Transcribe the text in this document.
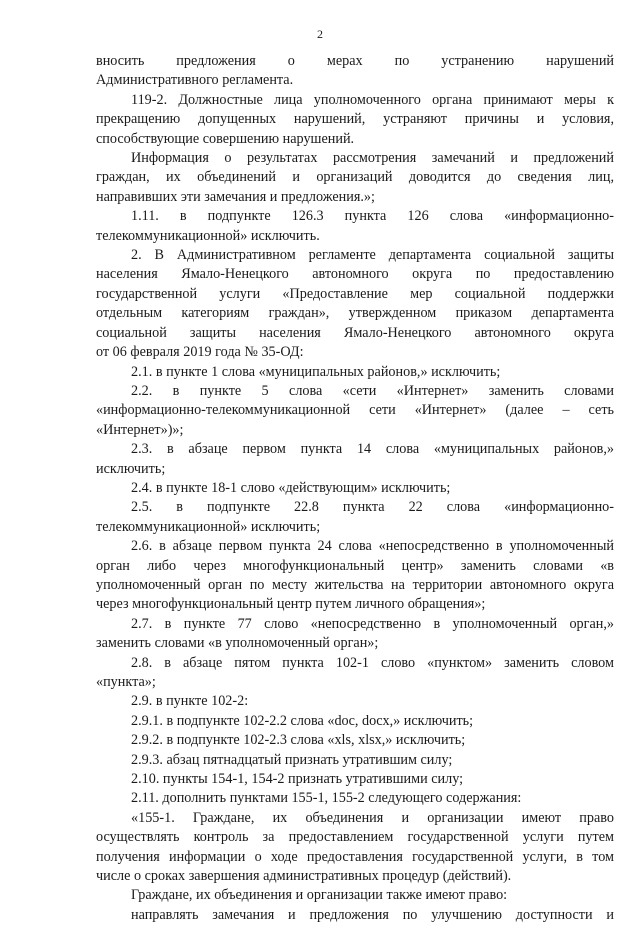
2
вносить предложения о мерах по устранению нарушений
Административного регламента.
119-2. Должностные лица уполномоченного органа принимают меры к
прекращению допущенных нарушений, устраняют причины и условия,
способствующие совершению нарушений.
Информация о результатах рассмотрения замечаний и предложений
граждан, их объединений и организаций доводится до сведения лиц,
направивших эти замечания и предложения.»;
1.11. в подпункте 126.3 пункта 126 слова «информационно-
телекоммуникационной» исключить.
2. В Административном регламенте департамента социальной защиты
населения Ямало-Ненецкого автономного округа по предоставлению
государственной услуги «Предоставление мер социальной поддержки
отдельным категориям граждан», утвержденном приказом департамента
социальной защиты населения Ямало-Ненецкого автономного округа
от 06 февраля 2019 года № 35-ОД:
2.1. в пункте 1 слова «муниципальных районов,» исключить;
2.2. в пункте 5 слова «сети «Интернет» заменить словами
«информационно-телекоммуникационной сети «Интернет» (далее – сеть
«Интернет»)»;
2.3. в абзаце первом пункта 14 слова «муниципальных районов,»
исключить;
2.4. в пункте 18-1 слово «действующим» исключить;
2.5. в подпункте 22.8 пункта 22 слова «информационно-
телекоммуникационной» исключить;
2.6. в абзаце первом пункта 24 слова «непосредственно в уполномоченный
орган либо через многофункциональный центр» заменить словами «в
уполномоченный орган по месту жительства на территории автономного округа
через многофункциональный центр путем личного обращения»;
2.7. в пункте 77 слово «непосредственно в уполномоченный орган,»
заменить словами «в уполномоченный орган»;
2.8. в абзаце пятом пункта 102-1 слово «пунктом» заменить словом
«пункта»;
2.9. в пункте 102-2:
2.9.1. в подпункте 102-2.2 слова «doc, docx,» исключить;
2.9.2. в подпункте 102-2.3 слова «xls, xlsx,» исключить;
2.9.3. абзац пятнадцатый признать утратившим силу;
2.10. пункты 154-1, 154-2 признать утратившими силу;
2.11. дополнить пунктами 155-1, 155-2 следующего содержания:
«155-1. Граждане, их объединения и организации имеют право
осуществлять контроль за предоставлением государственной услуги путем
получения информации о ходе предоставления государственной услуги, в том
числе о сроках завершения административных процедур (действий).
Граждане, их объединения и организации также имеют право:
направлять замечания и предложения по улучшению доступности и
